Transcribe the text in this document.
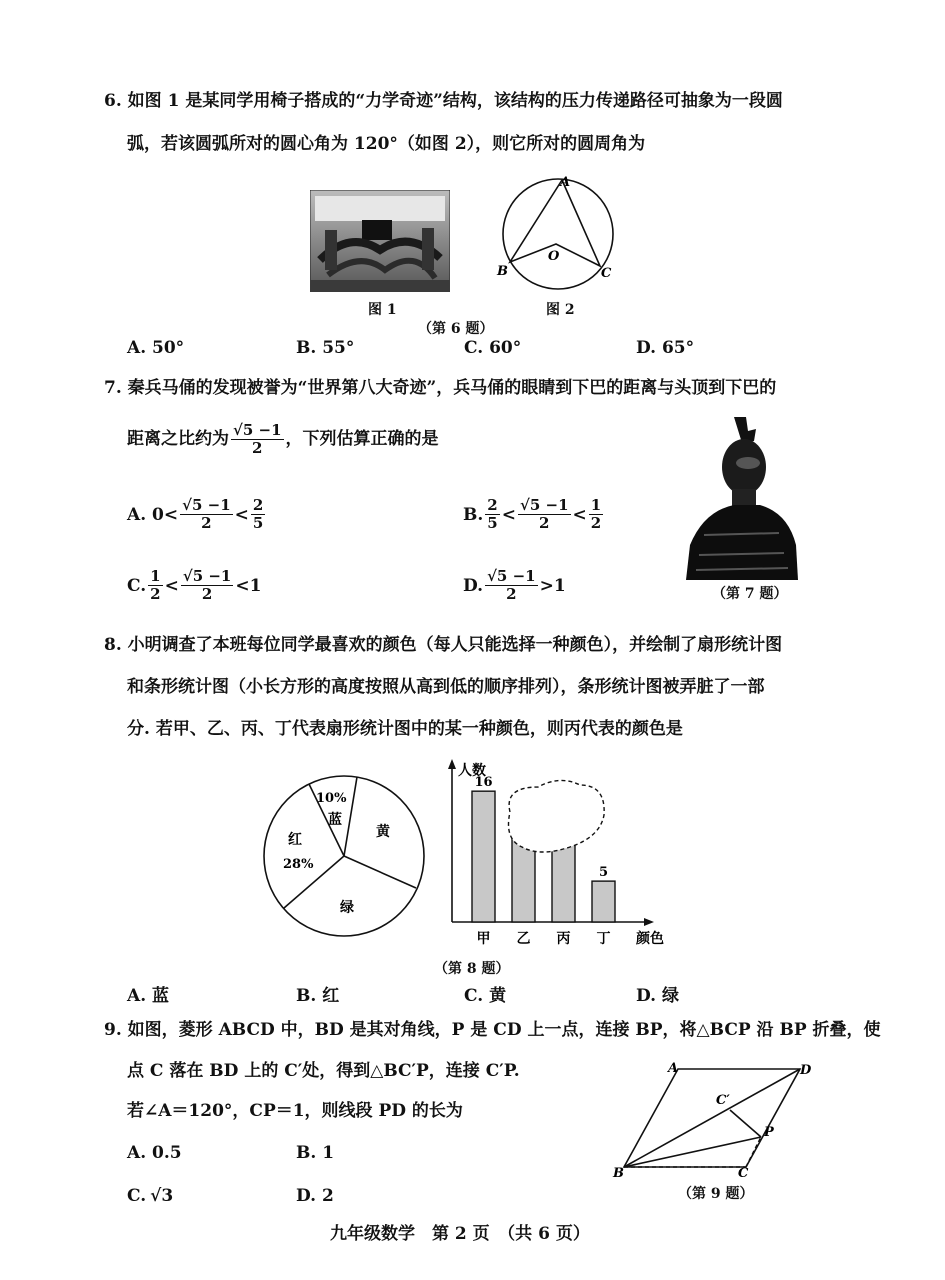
6. 如图 1 是某同学用椅子搭成的“力学奇迹”结构，该结构的压力传递路径可抽象为一段圆
弧，若该圆弧所对的圆心角为 120°（如图 2），则它所对的圆周角为
图 1
A
B	C
O
图 2
（第 6 题）
A. 50°	B. 55°	C. 60°	D. 65°
7. 秦兵马俑的发现被誉为“世界第八大奇迹”，兵马俑的眼睛到下巴的距离与头顶到下巴的
距离之比约为 $\frac{√5 -1}{2}$ ，下列估算正确的是
（第 7 题）
A. $0< \frac{√5 -1}{2} < \frac{2}{5}$	B. $\frac{2}{5} < \frac{√5 -1}{2} < \frac{1}{2}$
C. $\frac{1}{2} < \frac{√5 -1}{2} <1$	D. $\frac{√5 -1}{2} >1$
8. 小明调查了本班每位同学最喜欢的颜色（每人只能选择一种颜色），并绘制了扇形统计图
和条形统计图（小长方形的高度按照从高到低的顺序排列），条形统计图被弄脏了一部
分. 若甲、乙、丙、丁代表扇形统计图中的某一种颜色，则丙代表的颜色是
10%
蓝
黄
绿
红
28%
人数
颜色
甲
16
乙 丙 丁
5
（第 8 题）
A. 蓝	B. 红	C. 黄	D. 绿
9. 如图，菱形 ABCD 中，BD 是其对角线，P 是 CD 上一点，连接 BP，将△BCP 沿 BP 折叠，使
点 C 落在 BD 上的 C′处，得到△BC′P，连接 C′P.
若∠A＝120°，CP＝1，则线段 PD 的长为
A. 0.5	B. 1
C. √3	D. 2
A
B	C
D
P
C′
（第 9 题）
九年级数学　第 2 页　（共 6 页）
